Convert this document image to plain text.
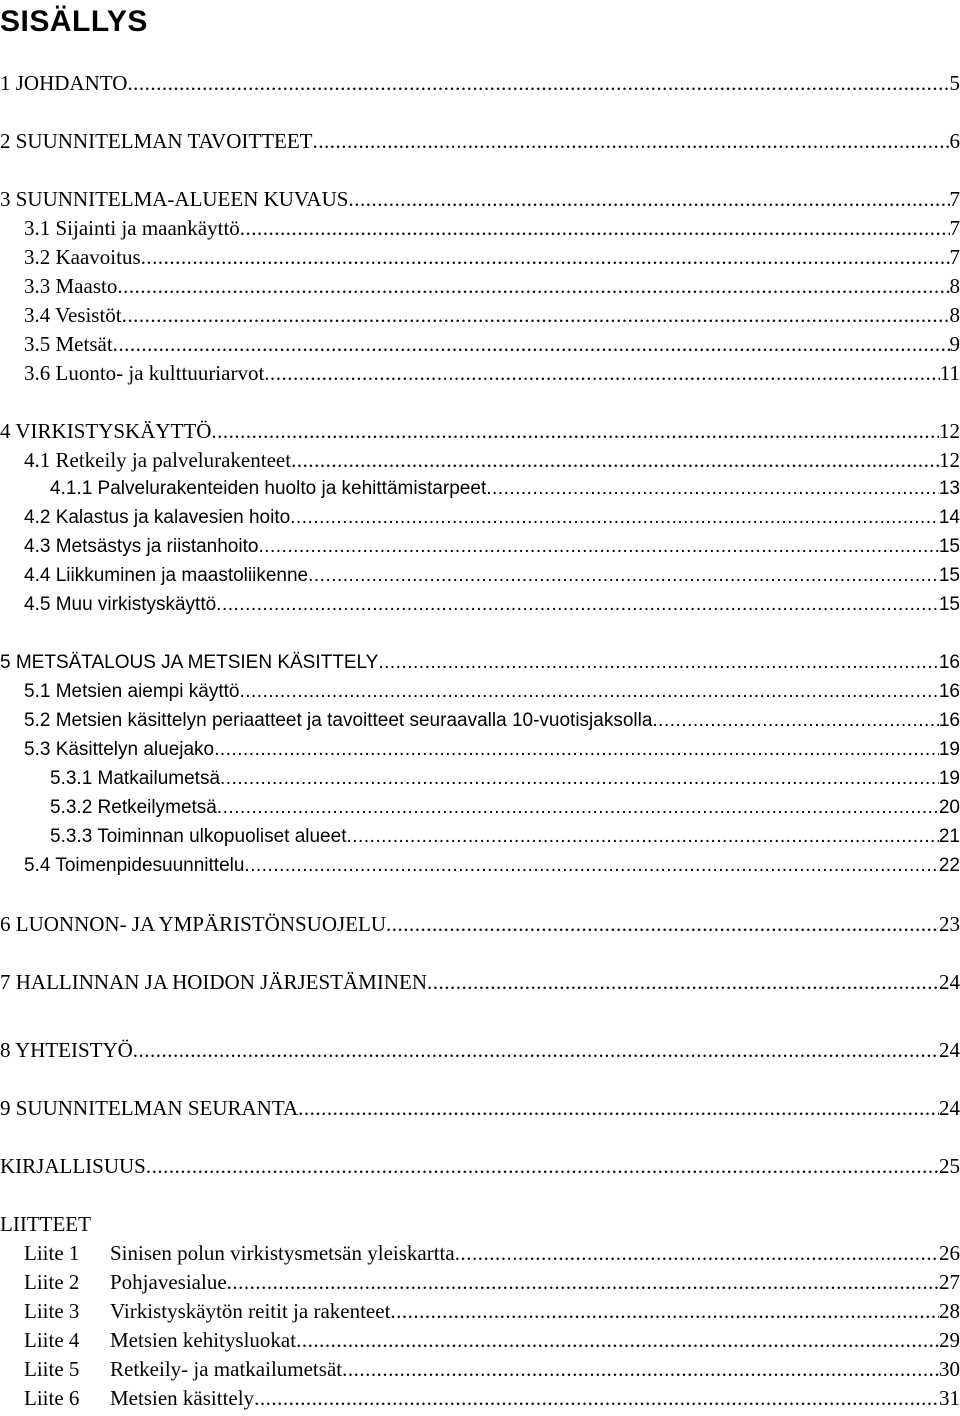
SISÄLLYS
1 JOHDANTO .....	5
2 SUUNNITELMAN TAVOITTEET .....	6
3 SUUNNITELMA-ALUEEN KUVAUS .....	7
3.1 Sijainti ja maankäyttö .....	7
3.2 Kaavoitus .....	7
3.3 Maasto .....	8
3.4 Vesistöt .....	8
3.5 Metsät .....	9
3.6 Luonto- ja kulttuuriarvot .....	11
4 VIRKISTYSKÄYTTÖ .....	12
4.1 Retkeily ja palvelurakenteet .....	12
4.1.1 Palvelurakenteiden huolto ja kehittämistarpeet .....	13
4.2 Kalastus ja kalavesien hoito .....	14
4.3 Metsästys ja riistanhoito .....	15
4.4 Liikkuminen ja maastoliikenne .....	15
4.5 Muu virkistyskäyttö .....	15
5 METSÄTALOUS JA METSIEN KÄSITTELY .....	16
5.1 Metsien aiempi käyttö .....	16
5.2 Metsien käsittelyn periaatteet ja tavoitteet seuraavalla 10-vuotisjaksolla .....	16
5.3 Käsittelyn aluejako .....	19
5.3.1 Matkailumetsä .....	19
5.3.2 Retkeilymetsä .....	20
5.3.3 Toiminnan ulkopuoliset alueet .....	21
5.4 Toimenpidesuunnittelu .....	22
6 LUONNON- JA YMPÄRISTÖNSUOJELU .....	23
7 HALLINNAN JA HOIDON JÄRJESTÄMINEN .....	24
8 YHTEISTYÖ .....	24
9 SUUNNITELMAN SEURANTA .....	24
KIRJALLISUUS .....	25
LIITTEET
Liite 1	Sinisen polun virkistysmetsän yleiskartta .....	26
Liite 2	Pohjavesialue .....	27
Liite 3	Virkistyskäytön reitit ja rakenteet .....	28
Liite 4	Metsien kehitysluokat .....	29
Liite 5	Retkeily- ja matkailumetsät .....	30
Liite 6	Metsien käsittely .....	31
